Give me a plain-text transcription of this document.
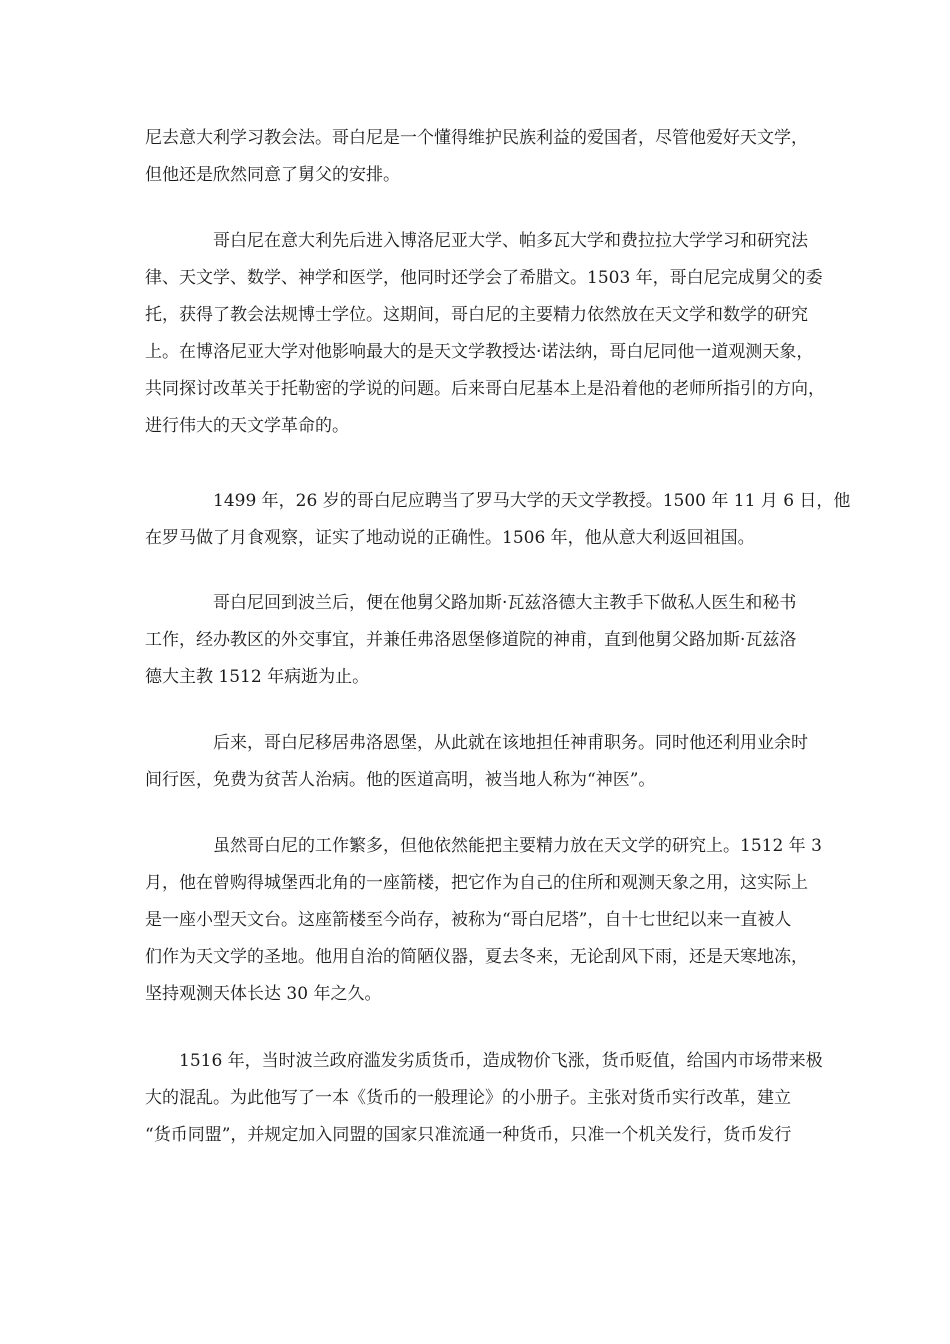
尼去意大利学习教会法。哥白尼是一个懂得维护民族利益的爱国者，尽管他爱好天文学，
但他还是欣然同意了舅父的安排。
哥白尼在意大利先后进入博洛尼亚大学、帕多瓦大学和费拉拉大学学习和研究法
律、天文学、数学、神学和医学，他同时还学会了希腊文。1503 年，哥白尼完成舅父的委
托，获得了教会法规博士学位。这期间，哥白尼的主要精力依然放在天文学和数学的研究
上。在博洛尼亚大学对他影响最大的是天文学教授达·诺法纳，哥白尼同他一道观测天象，
共同探讨改革关于托勒密的学说的问题。后来哥白尼基本上是沿着他的老师所指引的方向，
进行伟大的天文学革命的。
1499 年，26 岁的哥白尼应聘当了罗马大学的天文学教授。1500 年 11 月 6 日，他
在罗马做了月食观察，证实了地动说的正确性。1506 年，他从意大利返回祖国。
哥白尼回到波兰后，便在他舅父路加斯·瓦兹洛德大主教手下做私人医生和秘书
工作，经办教区的外交事宜，并兼任弗洛恩堡修道院的神甫，直到他舅父路加斯·瓦兹洛
德大主教 1512 年病逝为止。
后来，哥白尼移居弗洛恩堡，从此就在该地担任神甫职务。同时他还利用业余时
间行医，免费为贫苦人治病。他的医道高明，被当地人称为“神医”。
虽然哥白尼的工作繁多，但他依然能把主要精力放在天文学的研究上。1512 年 3
月，他在曾购得城堡西北角的一座箭楼，把它作为自己的住所和观测天象之用，这实际上
是一座小型天文台。这座箭楼至今尚存，被称为“哥白尼塔”，自十七世纪以来一直被人
们作为天文学的圣地。他用自治的简陋仪器，夏去冬来，无论刮风下雨，还是天寒地冻，
坚持观测天体长达 30 年之久。
1516 年，当时波兰政府滥发劣质货币，造成物价飞涨，货币贬值，给国内市场带来极
大的混乱。为此他写了一本《货币的一般理论》的小册子。主张对货币实行改革，建立
“货币同盟”，并规定加入同盟的国家只准流通一种货币，只准一个机关发行，货币发行
